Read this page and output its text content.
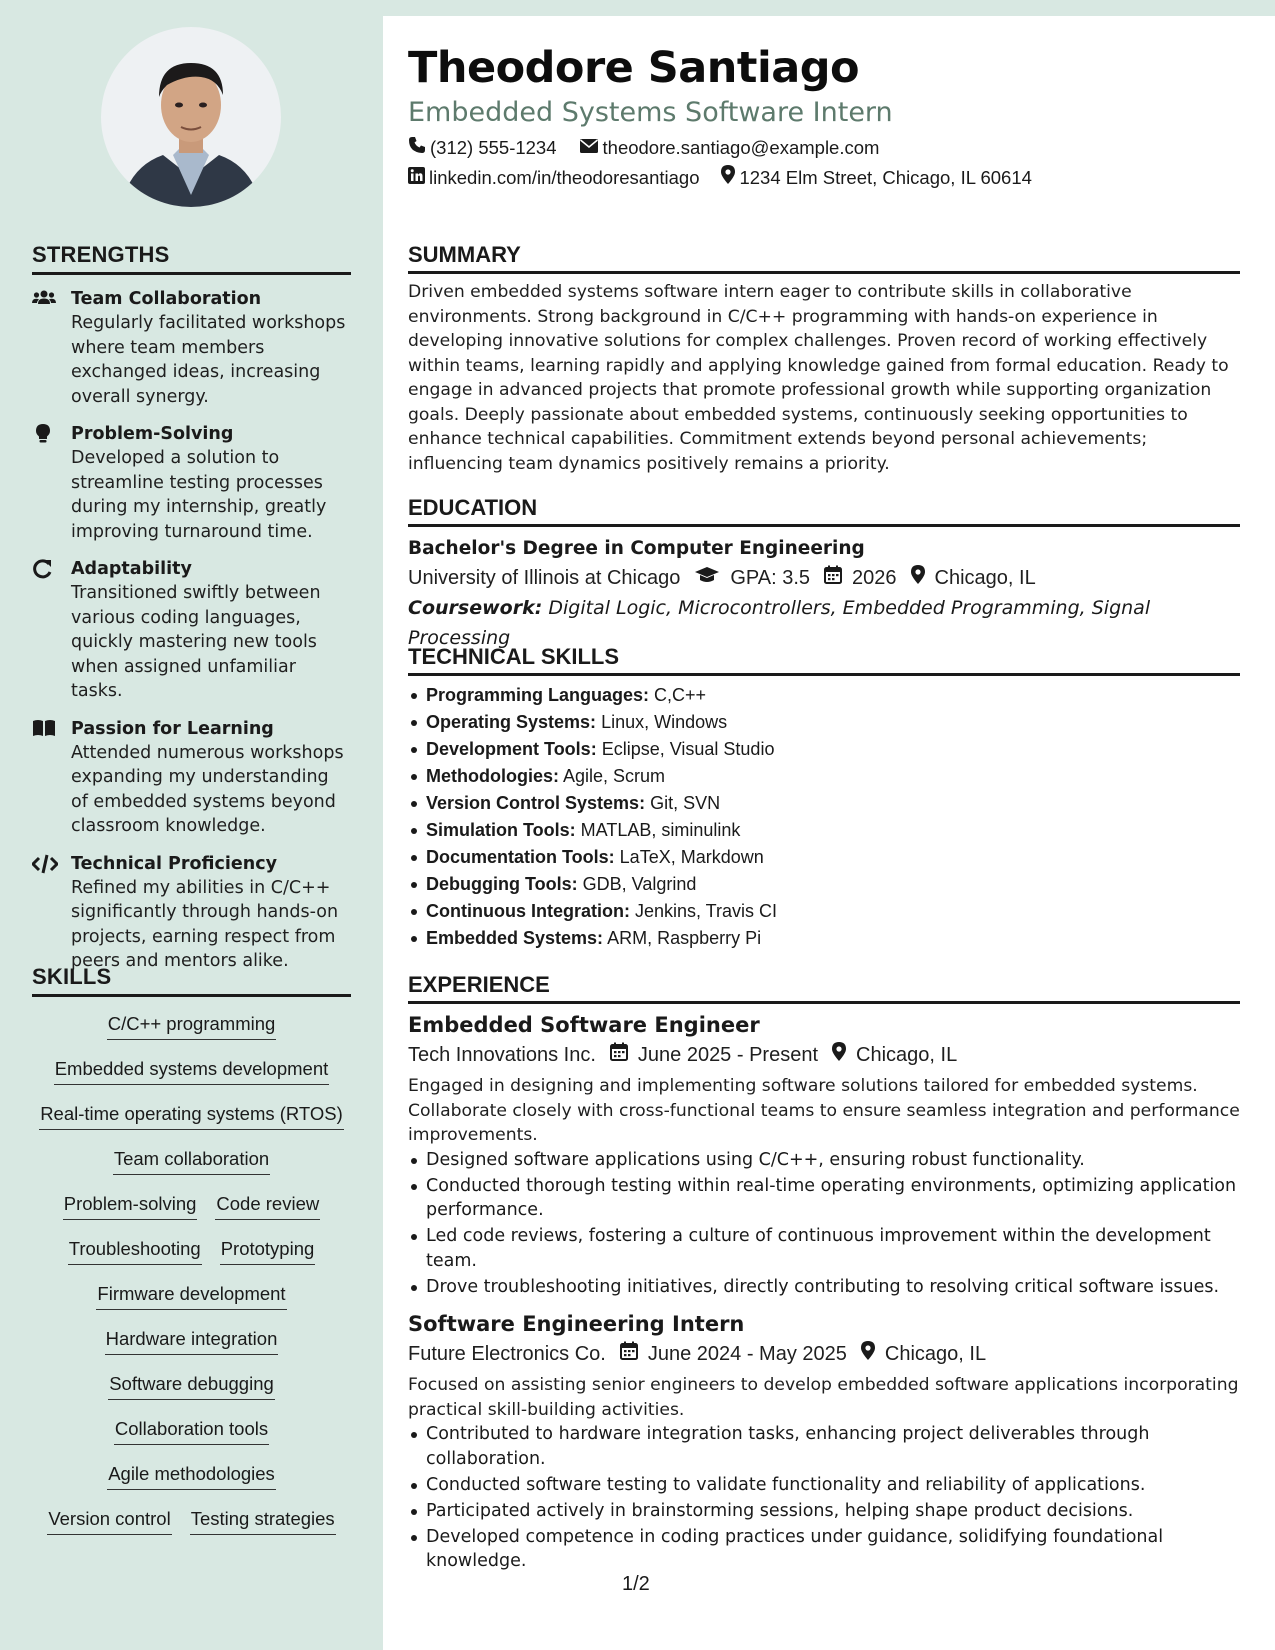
STRENGTHS
Team Collaboration
Regularly facilitated workshops where team members exchanged ideas, increasing overall synergy.
Problem-Solving
Developed a solution to streamline testing processes during my internship, greatly improving turnaround time.
Adaptability
Transitioned swiftly between various coding languages, quickly mastering new tools when assigned unfamiliar tasks.
Passion for Learning
Attended numerous workshops expanding my understanding of embedded systems beyond classroom knowledge.
Technical Proficiency
Refined my abilities in C/C++ significantly through hands-on projects, earning respect from peers and mentors alike.
SKILLS
C/C++ programming
Embedded systems development
Real-time operating systems (RTOS)
Team collaboration
Problem-solving Code review
Troubleshooting Prototyping
Firmware development
Hardware integration
Software debugging
Collaboration tools
Agile methodologies
Version control Testing strategies
Theodore Santiago
Embedded Systems Software Intern
(312) 555-1234 theodore.santiago@example.com
linkedin.com/in/theodoresantiago 1234 Elm Street, Chicago, IL 60614
SUMMARY
Driven embedded systems software intern eager to contribute skills in collaborative environments. Strong background in C/C++ programming with hands-on experience in developing innovative solutions for complex challenges. Proven record of working effectively within teams, learning rapidly and applying knowledge gained from formal education. Ready to engage in advanced projects that promote professional growth while supporting organization goals. Deeply passionate about embedded systems, continuously seeking opportunities to enhance technical capabilities. Commitment extends beyond personal achievements; influencing team dynamics positively remains a priority.
EDUCATION
Bachelor's Degree in Computer Engineering
University of Illinois at Chicago	GPA: 3.5 2026 Chicago, IL
Coursework: Digital Logic, Microcontrollers, Embedded Programming, Signal Processing
TECHNICAL SKILLS
Programming Languages: C,C++
Operating Systems: Linux, Windows
Development Tools: Eclipse, Visual Studio
Methodologies: Agile, Scrum
Version Control Systems: Git, SVN
Simulation Tools: MATLAB, siminulink
Documentation Tools: LaTeX, Markdown
Debugging Tools: GDB, Valgrind
Continuous Integration: Jenkins, Travis CI
Embedded Systems: ARM, Raspberry Pi
EXPERIENCE
Embedded Software Engineer
Tech Innovations Inc. June 2025 - Present Chicago, IL
Engaged in designing and implementing software solutions tailored for embedded systems. Collaborate closely with cross-functional teams to ensure seamless integration and performance improvements.
Designed software applications using C/C++, ensuring robust functionality.
Conducted thorough testing within real-time operating environments, optimizing application performance.
Led code reviews, fostering a culture of continuous improvement within the development team.
Drove troubleshooting initiatives, directly contributing to resolving critical software issues.
Software Engineering Intern
Future Electronics Co. June 2024 - May 2025 Chicago, IL
Focused on assisting senior engineers to develop embedded software applications incorporating practical skill-building activities.
Contributed to hardware integration tasks, enhancing project deliverables through collaboration.
Conducted software testing to validate functionality and reliability of applications.
Participated actively in brainstorming sessions, helping shape product decisions.
Developed competence in coding practices under guidance, solidifying foundational knowledge.
1/2
